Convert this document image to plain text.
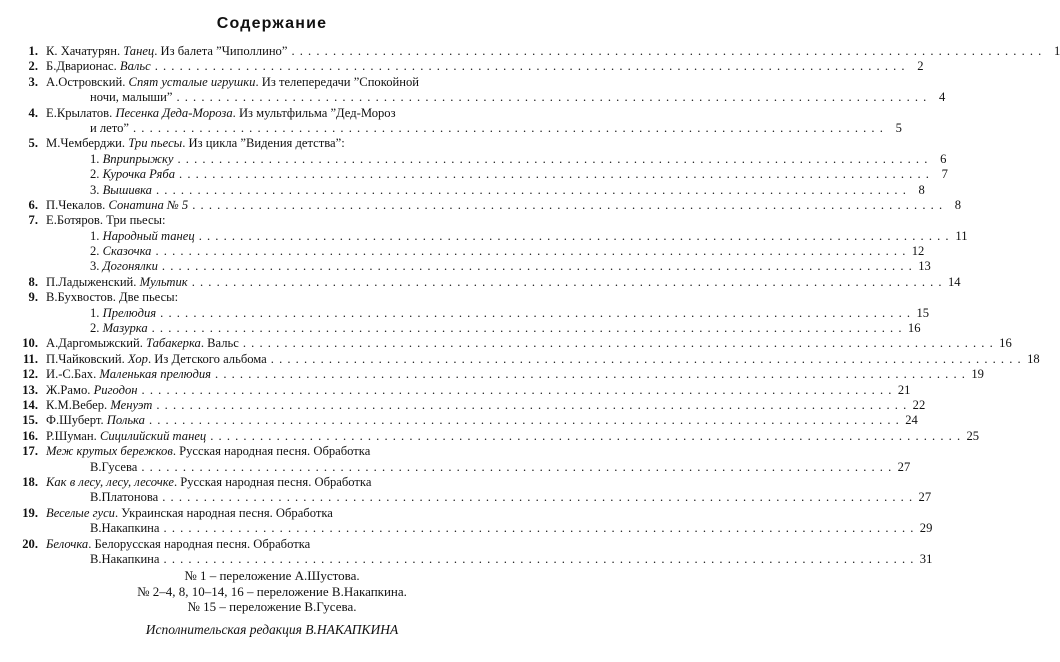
Содержание
1. К. Хачатурян. Танец. Из балета ”Чиполлино” . . .	1
2. Б.Дварионас. Вальс . . .	2
3. А.Островский. Спят усталые игрушки. Из телепередачи ”Спокойной
ночи, малыши” . . .	4
4. Е.Крылатов. Песенка Деда-Мороза. Из мультфильма ”Дед-Мороз
и лето” . . .	5
5. М.Чемберджи. Три пьесы. Из цикла ”Видения детства”:
1. Вприпрыжку . . .	6
2. Курочка Ряба . . .	7
3. Вышивка . . .	8
6. П.Чекалов. Сонатина № 5 . . .	8
7. Е.Ботяров. Три пьесы:
1. Народный танец . . .	11
2. Сказочка . . .	12
3. Догонялки . . .	13
8. П.Ладыженский. Мультик . . .	14
9. В.Бухвостов. Две пьесы:
1. Прелюдия . . .	15
2. Мазурка . . .	16
10. А.Даргомыжский. Табакерка. Вальс . . .	16
11. П.Чайковский. Хор. Из Детского альбома . . .	18
12. И.-С.Бах. Маленькая прелюдия . . .	19
13. Ж.Рамо. Ригодон . . .	21
14. К.М.Вебер. Менуэт . . .	22
15. Ф.Шуберт. Полька . . .	24
16. Р.Шуман. Сицилийский танец . . .	25
17. Меж крутых бережков. Русская народная песня. Обработка
В.Гусева . . .	27
18. Как в лесу, лесу, лесочке. Русская народная песня. Обработка
В.Платонова . . .	27
19. Веселые гуси. Украинская народная песня. Обработка
В.Накапкина . . .	29
20. Белочка. Белорусская народная песня. Обработка
В.Накапкина . . .	31
№ 1 – переложение А.Шустова.
№ 2–4, 8, 10–14, 16 – переложение В.Накапкина.
№ 15 – переложение В.Гусева.
Исполнительская редакция В.НАКАПКИНА
